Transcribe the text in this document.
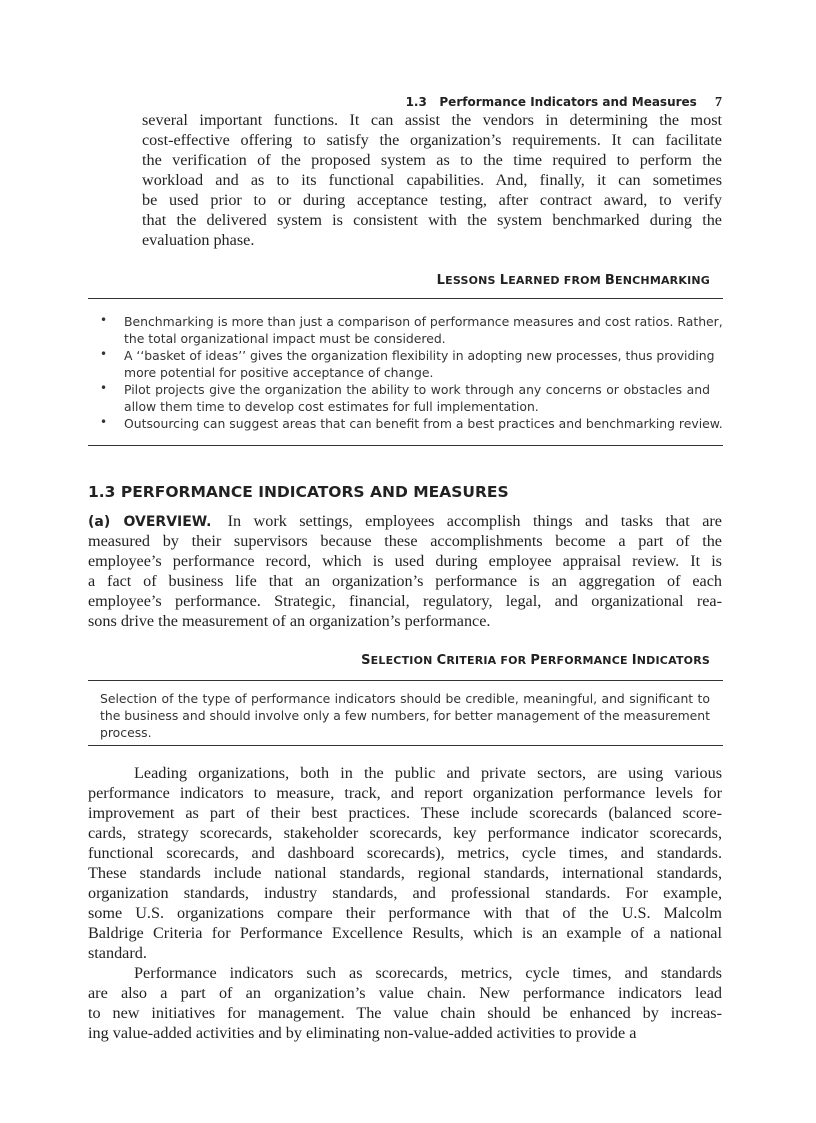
1.3 Performance Indicators and Measures 7
several important functions. It can assist the vendors in determining the most
cost-effective offering to satisfy the organization’s requirements. It can facilitate
the verification of the proposed system as to the time required to perform the
workload and as to its functional capabilities. And, finally, it can sometimes
be used prior to or during acceptance testing, after contract award, to verify
that the delivered system is consistent with the system benchmarked during the
evaluation phase.
LESSONS LEARNED FROM BENCHMARKING
• Benchmarking is more than just a comparison of performance measures and cost ratios. Rather,
the total organizational impact must be considered.
• A ‘‘basket of ideas’’ gives the organization flexibility in adopting new processes, thus providing
more potential for positive acceptance of change.
• Pilot projects give the organization the ability to work through any concerns or obstacles and
allow them time to develop cost estimates for full implementation.
• Outsourcing can suggest areas that can benefit from a best practices and benchmarking review.
1.3 PERFORMANCE INDICATORS AND MEASURES
(a) OVERVIEW.  In work settings, employees accomplish things and tasks that are
measured by their supervisors because these accomplishments become a part of the
employee’s performance record, which is used during employee appraisal review. It is
a fact of business life that an organization’s performance is an aggregation of each
employee’s performance. Strategic, financial, regulatory, legal, and organizational rea-
sons drive the measurement of an organization’s performance.
SELECTION CRITERIA FOR PERFORMANCE INDICATORS
Selection of the type of performance indicators should be credible, meaningful, and significant to
the business and should involve only a few numbers, for better management of the measurement
process.
Leading organizations, both in the public and private sectors, are using various
performance indicators to measure, track, and report organization performance levels for
improvement as part of their best practices. These include scorecards (balanced score-
cards, strategy scorecards, stakeholder scorecards, key performance indicator scorecards,
functional scorecards, and dashboard scorecards), metrics, cycle times, and standards.
These standards include national standards, regional standards, international standards,
organization standards, industry standards, and professional standards. For example,
some U.S. organizations compare their performance with that of the U.S. Malcolm
Baldrige Criteria for Performance Excellence Results, which is an example of a national
standard.
Performance indicators such as scorecards, metrics, cycle times, and standards
are also a part of an organization’s value chain. New performance indicators lead
to new initiatives for management. The value chain should be enhanced by increas-
ing value-added activities and by eliminating non-value-added activities to provide a
